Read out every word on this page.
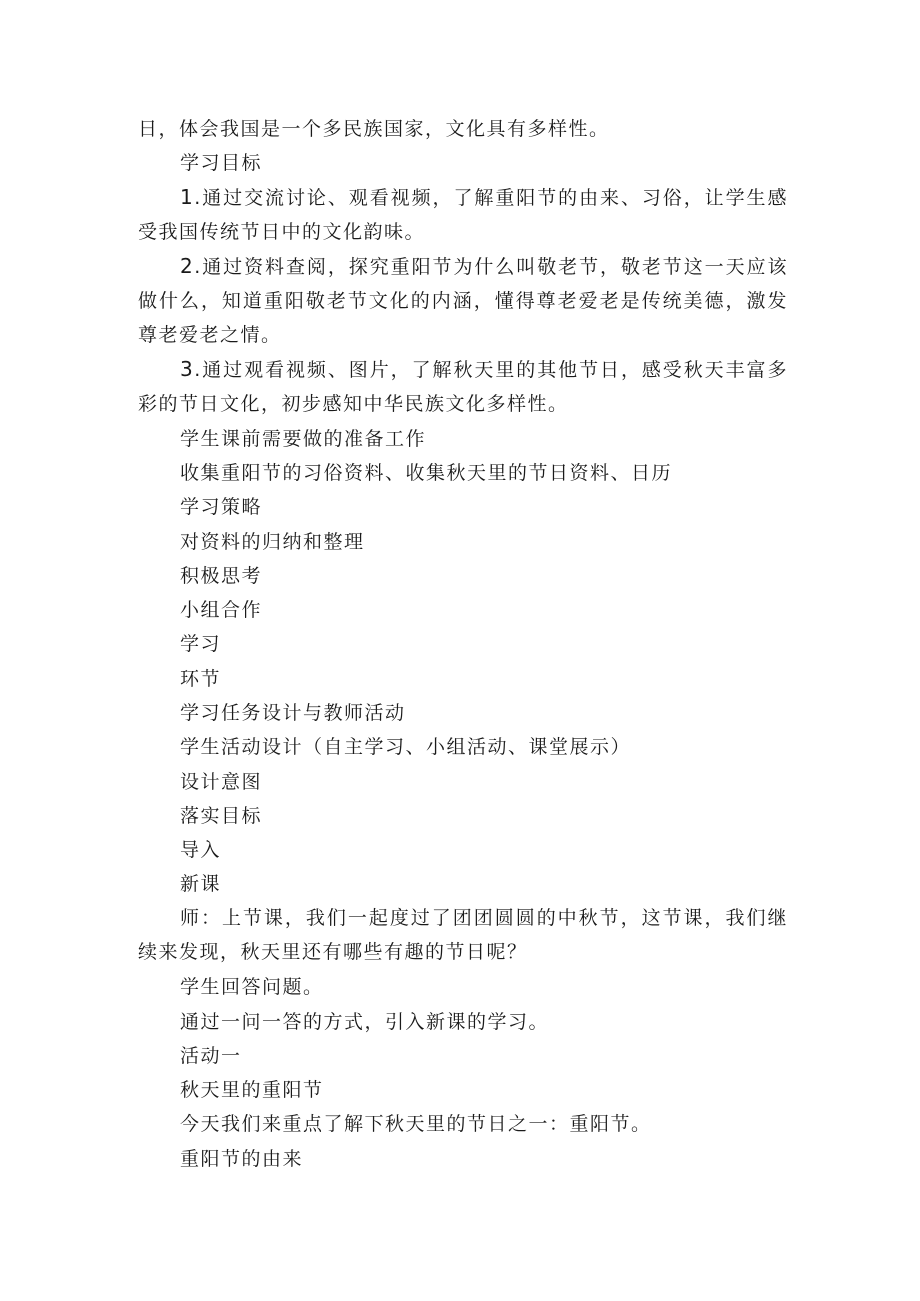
日，体会我国是一个多民族国家，文化具有多样性。
学习目标
1.通过交流讨论、观看视频，了解重阳节的由来、习俗，让学生感受我国传统节日中的文化韵味。
2.通过资料查阅，探究重阳节为什么叫敬老节，敬老节这一天应该做什么，知道重阳敬老节文化的内涵，懂得尊老爱老是传统美德，激发尊老爱老之情。
3.通过观看视频、图片，了解秋天里的其他节日，感受秋天丰富多彩的节日文化，初步感知中华民族文化多样性。
学生课前需要做的准备工作
收集重阳节的习俗资料、收集秋天里的节日资料、日历
学习策略
对资料的归纳和整理
积极思考
小组合作
学习
环节
学习任务设计与教师活动
学生活动设计（自主学习、小组活动、课堂展示）
设计意图
落实目标
导入
新课
师：上节课，我们一起度过了团团圆圆的中秋节，这节课，我们继续来发现，秋天里还有哪些有趣的节日呢？
学生回答问题。
通过一问一答的方式，引入新课的学习。
活动一
秋天里的重阳节
今天我们来重点了解下秋天里的节日之一：重阳节。
重阳节的由来
